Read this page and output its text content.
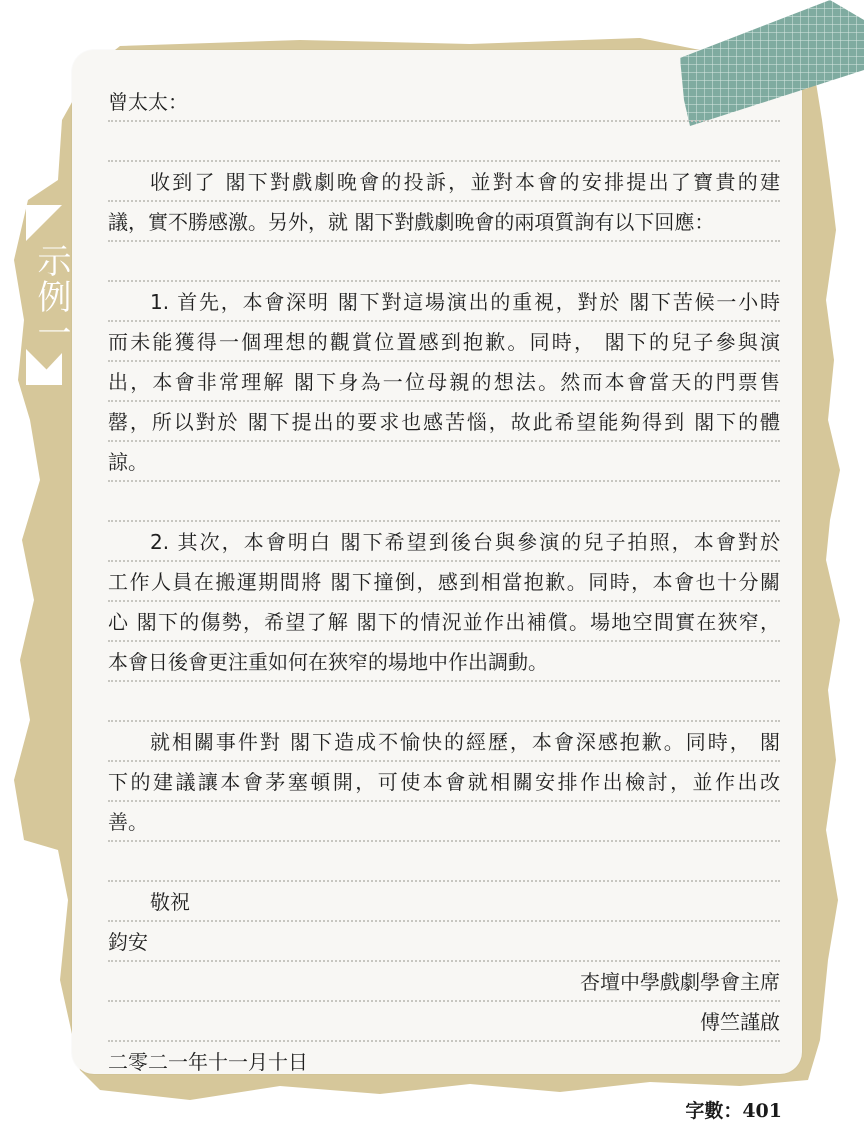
示例一
曾太太：
收到了 閣下對戲劇晚會的投訴，並對本會的安排提出了寶貴的建
議，實不勝感激。另外，就 閣下對戲劇晚會的兩項質詢有以下回應：
1. 首先，本會深明 閣下對這場演出的重視，對於 閣下苦候一小時
而未能獲得一個理想的觀賞位置感到抱歉。同時， 閣下的兒子參與演
出，本會非常理解 閣下身為一位母親的想法。然而本會當天的門票售
罄，所以對於 閣下提出的要求也感苦惱，故此希望能夠得到 閣下的體
諒。
2. 其次，本會明白 閣下希望到後台與參演的兒子拍照，本會對於
工作人員在搬運期間將 閣下撞倒，感到相當抱歉。同時，本會也十分關
心 閣下的傷勢，希望了解 閣下的情況並作出補償。場地空間實在狹窄，
本會日後會更注重如何在狹窄的場地中作出調動。
就相關事件對 閣下造成不愉快的經歷，本會深感抱歉。同時， 閣
下的建議讓本會茅塞頓開，可使本會就相關安排作出檢討，並作出改
善。
敬祝
鈞安
杏壇中學戲劇學會主席
傅竺謹啟
二零二一年十一月十日
字數：401
